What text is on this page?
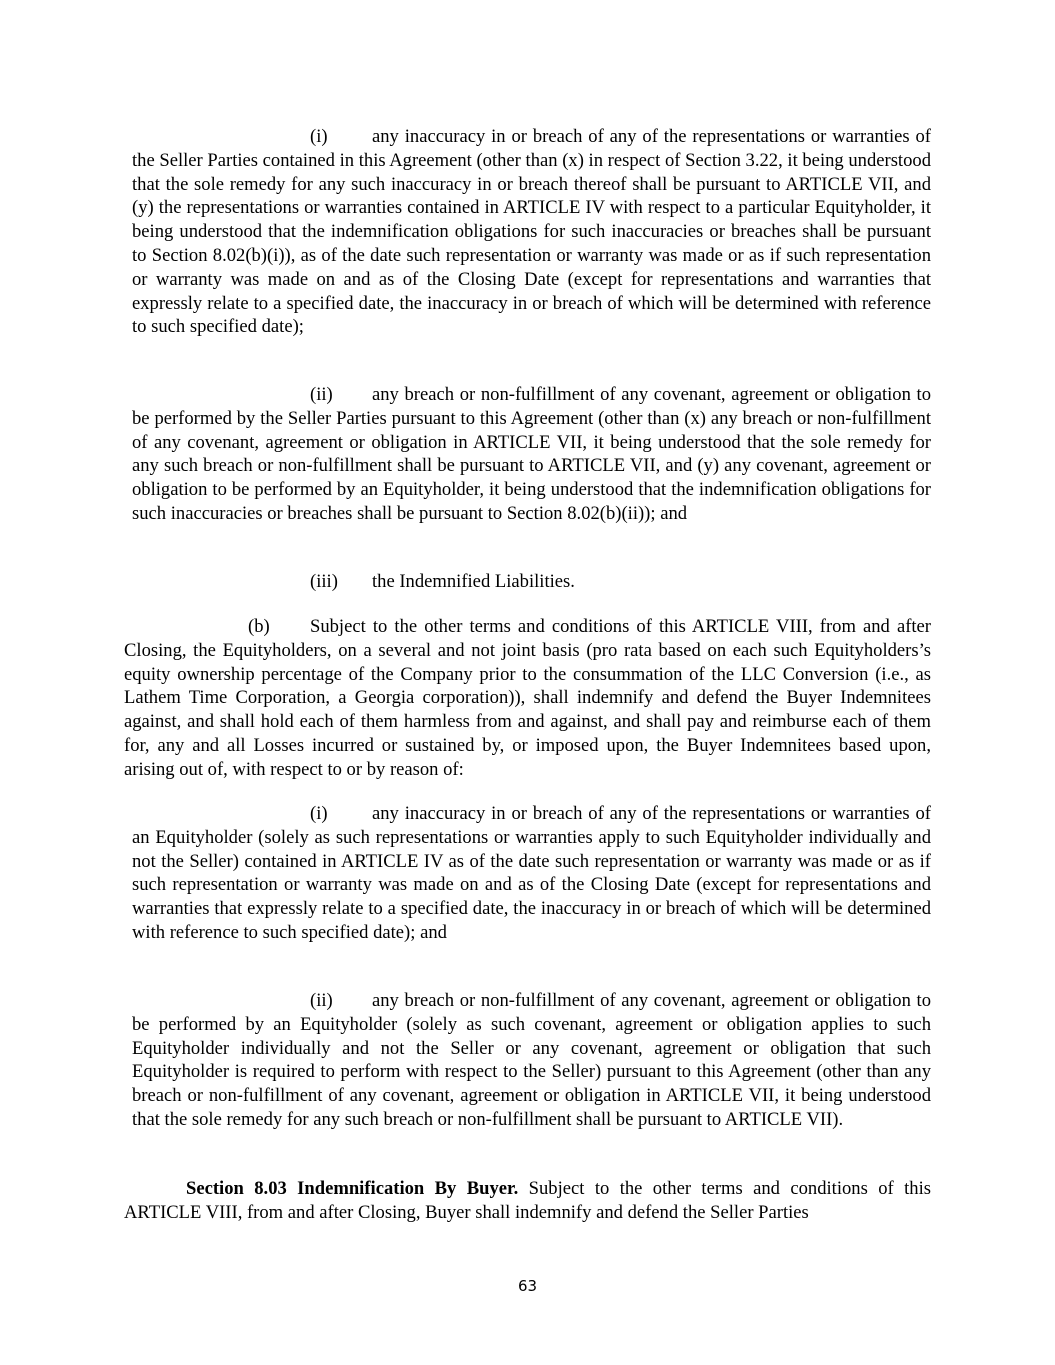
(i) any inaccuracy in or breach of any of the representations or warranties of the Seller Parties contained in this Agreement (other than (x) in respect of Section 3.22, it being understood that the sole remedy for any such inaccuracy in or breach thereof shall be pursuant to ARTICLE VII, and (y) the representations or warranties contained in ARTICLE IV with respect to a particular Equityholder, it being understood that the indemnification obligations for such inaccuracies or breaches shall be pursuant to Section 8.02(b)(i)), as of the date such representation or warranty was made or as if such representation or warranty was made on and as of the Closing Date (except for representations and warranties that expressly relate to a specified date, the inaccuracy in or breach of which will be determined with reference to such specified date);

(ii) any breach or non-fulfillment of any covenant, agreement or obligation to be performed by the Seller Parties pursuant to this Agreement (other than (x) any breach or non-fulfillment of any covenant, agreement or obligation in ARTICLE VII, it being understood that the sole remedy for any such breach or non-fulfillment shall be pursuant to ARTICLE VII, and (y) any covenant, agreement or obligation to be performed by an Equityholder, it being understood that the indemnification obligations for such inaccuracies or breaches shall be pursuant to Section 8.02(b)(ii)); and

(iii) the Indemnified Liabilities.

(b) Subject to the other terms and conditions of this ARTICLE VIII, from and after Closing, the Equityholders, on a several and not joint basis (pro rata based on each such Equityholders’s equity ownership percentage of the Company prior to the consummation of the LLC Conversion (i.e., as Lathem Time Corporation, a Georgia corporation)), shall indemnify and defend the Buyer Indemnitees against, and shall hold each of them harmless from and against, and shall pay and reimburse each of them for, any and all Losses incurred or sustained by, or imposed upon, the Buyer Indemnitees based upon, arising out of, with respect to or by reason of:

(i) any inaccuracy in or breach of any of the representations or warranties of an Equityholder (solely as such representations or warranties apply to such Equityholder individually and not the Seller) contained in ARTICLE IV as of the date such representation or warranty was made or as if such representation or warranty was made on and as of the Closing Date (except for representations and warranties that expressly relate to a specified date, the inaccuracy in or breach of which will be determined with reference to such specified date); and

(ii) any breach or non-fulfillment of any covenant, agreement or obligation to be performed by an Equityholder (solely as such covenant, agreement or obligation applies to such Equityholder individually and not the Seller or any covenant, agreement or obligation that such Equityholder is required to perform with respect to the Seller) pursuant to this Agreement (other than any breach or non-fulfillment of any covenant, agreement or obligation in ARTICLE VII, it being understood that the sole remedy for any such breach or non-fulfillment shall be pursuant to ARTICLE VII).

Section 8.03 Indemnification By Buyer. Subject to the other terms and conditions of this ARTICLE VIII, from and after Closing, Buyer shall indemnify and defend the Seller Parties

63
